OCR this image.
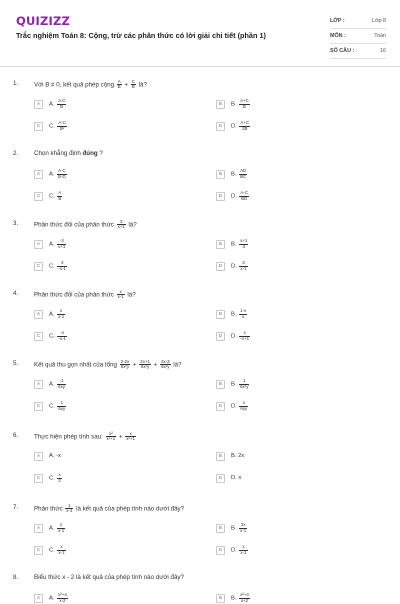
QUIZIZZ
Trắc nghiệm Toán 8: Cộng, trừ các phân thức có lời giải chi tiết (phần 1)
LỚP :	Lớp 8
MÔN :	Toán
SỐ CÂU :	16
1.	Với B ≠ 0, kết quả phép cộng $\frac{A}{B} + \frac{C}{B}$ là?
A	A. $\frac{A.C}{B}$	B	B. $\frac{A+C}{B}$
C	C. $\frac{A-C}{\text{B²}}$	D	D. $\frac{A+C}{2B}$
2.	Chọn khẳng định đúng ?
A	A. $\frac{A-C}{B-D}$	B	B. $\frac{AD}{BC}$
C	C. $\frac{A}{B}$	D	D. $\frac{A-C}{BD}$
3.	Phân thức đối của phân thức $\frac{3}{x+1}$ là?
A	A. $\frac{-3}{x+1}$	B	B. $\frac{x+1}{3}$
C	C. $\frac{3}{-x-1}$	D	D. $\frac{3}{x-1}$
4.	Phân thức đối của phân thức $\frac{x}{x-1}$ là?
A	A. $\frac{x}{x-1}$	B	B. $\frac{1-x}{x}$
C	C. $\frac{-x}{-x-1}$	D	D. $\frac{x}{-x+1}$
5.	Kết quả thu gọn nhất của tổng $\frac{2-2x}{\text{6x²y}} + \frac{2x+1}{\text{6x²y}} + \frac{2x-3}{\text{6x²y}}$ là?
A	A. $\frac{-1}{6xy}$	B	B. $\frac{1}{\text{6x²y}}$
C	C. $\frac{1}{6xy}$	D	D. $\frac{x}{6xy}$
6.	Thực hiện phép tính sau: $\frac{\text{x²}}{\text{x²+1}} + \frac{x}{\text{x²+1}}$
A	A. -x	B	B. 2x
C	C. $\frac{x}{2}$	D	D. x
7.	Phân thức $\frac{1}{x-1}$ là kết quả của phép tính nào dưới đây?
A	A. $\frac{x}{x-1}$	B	B. $\frac{2x}{x-1}$
C	C. $\frac{x}{x-1}$	D	D. $\frac{x}{x-1}$
8.	Biểu thức x - 2 là kết quả của phép tính nào dưới đây?
A	A. $\frac{\text{x²+4}}{x-2}$	B	B. $\frac{\text{x²+4}}{x+2}$
